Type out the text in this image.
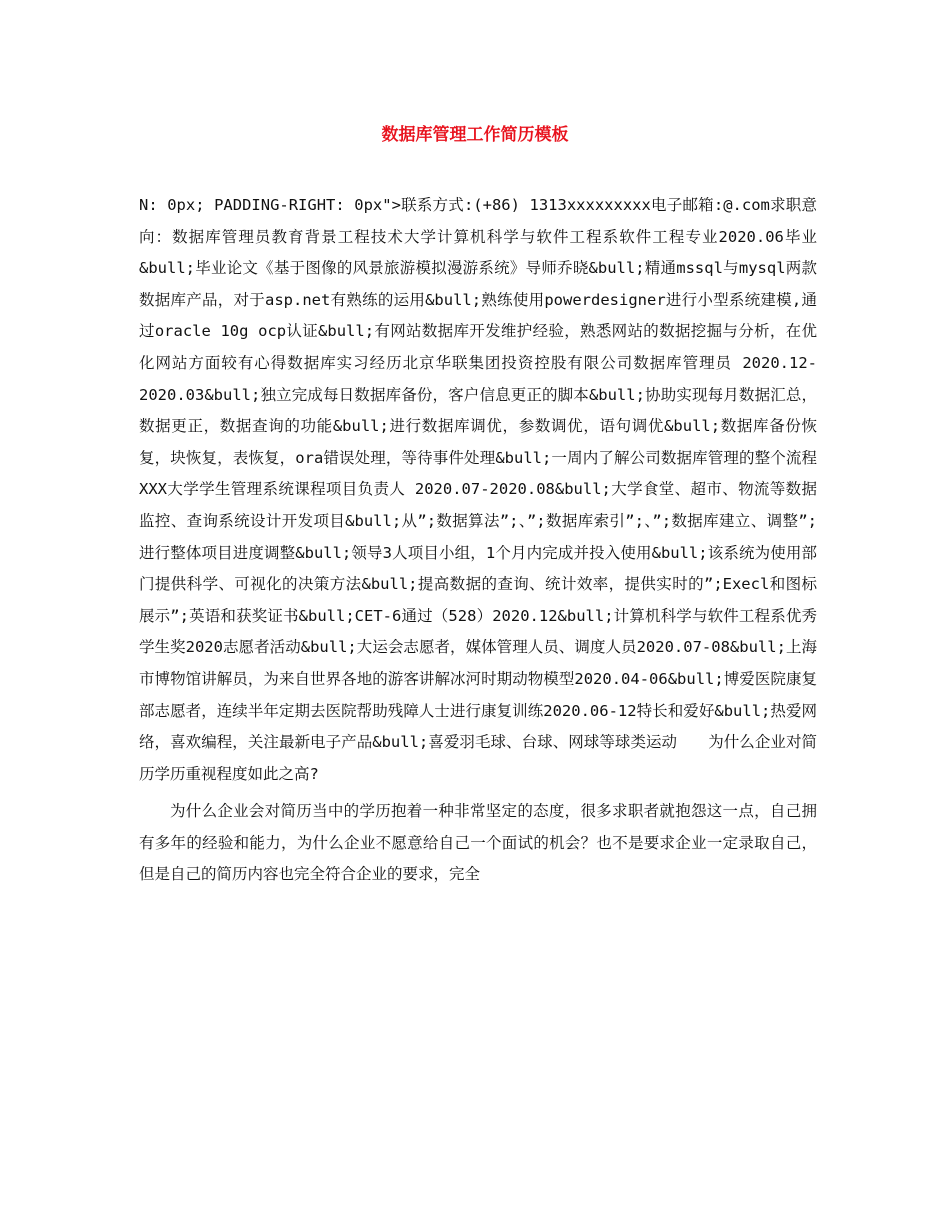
数据库管理工作简历模板

N: 0px; PADDING-RIGHT: 0px">联系方式:(+86) 1313xxxxxxxxx电子邮箱:@.com求职意向：数据库管理员教育背景工程技术大学计算机科学与软件工程系软件工程专业2020.06毕业&bull;毕业论文《基于图像的风景旅游模拟漫游系统》导师乔晓&bull;精通mssql与mysql两款数据库产品，对于asp.net有熟练的运用&bull;熟练使用powerdesigner进行小型系统建模,通过oracle 10g ocp认证&bull;有网站数据库开发维护经验，熟悉网站的数据挖掘与分析，在优化网站方面较有心得数据库实习经历北京华联集团投资控股有限公司数据库管理员 2020.12-2020.03&bull;独立完成每日数据库备份，客户信息更正的脚本&bull;协助实现每月数据汇总，数据更正，数据查询的功能&bull;进行数据库调优，参数调优，语句调优&bull;数据库备份恢复，块恢复，表恢复，ora错误处理，等待事件处理&bull;一周内了解公司数据库管理的整个流程XXX大学学生管理系统课程项目负责人 2020.07-2020.08&bull;大学食堂、超市、物流等数据监控、查询系统设计开发项目&bull;从”;数据算法”;、”;数据库索引”;、”;数据库建立、调整”;进行整体项目进度调整&bull;领导3人项目小组，1个月内完成并投入使用&bull;该系统为使用部门提供科学、可视化的决策方法&bull;提高数据的查询、统计效率，提供实时的”;Execl和图标展示”;英语和获奖证书&bull;CET-6通过（528）2020.12&bull;计算机科学与软件工程系优秀学生奖2020志愿者活动&bull;大运会志愿者，媒体管理人员、调度人员2020.07-08&bull;上海市博物馆讲解员，为来自世界各地的游客讲解冰河时期动物模型2020.04-06&bull;博爱医院康复部志愿者，连续半年定期去医院帮助残障人士进行康复训练2020.06-12特长和爱好&bull;热爱网络，喜欢编程，关注最新电子产品&bull;喜爱羽毛球、台球、网球等球类运动　　为什么企业对简历学历重视程度如此之高?

为什么企业会对简历当中的学历抱着一种非常坚定的态度，很多求职者就抱怨这一点，自己拥有多年的经验和能力，为什么企业不愿意给自己一个面试的机会？也不是要求企业一定录取自己，但是自己的简历内容也完全符合企业的要求，完全
